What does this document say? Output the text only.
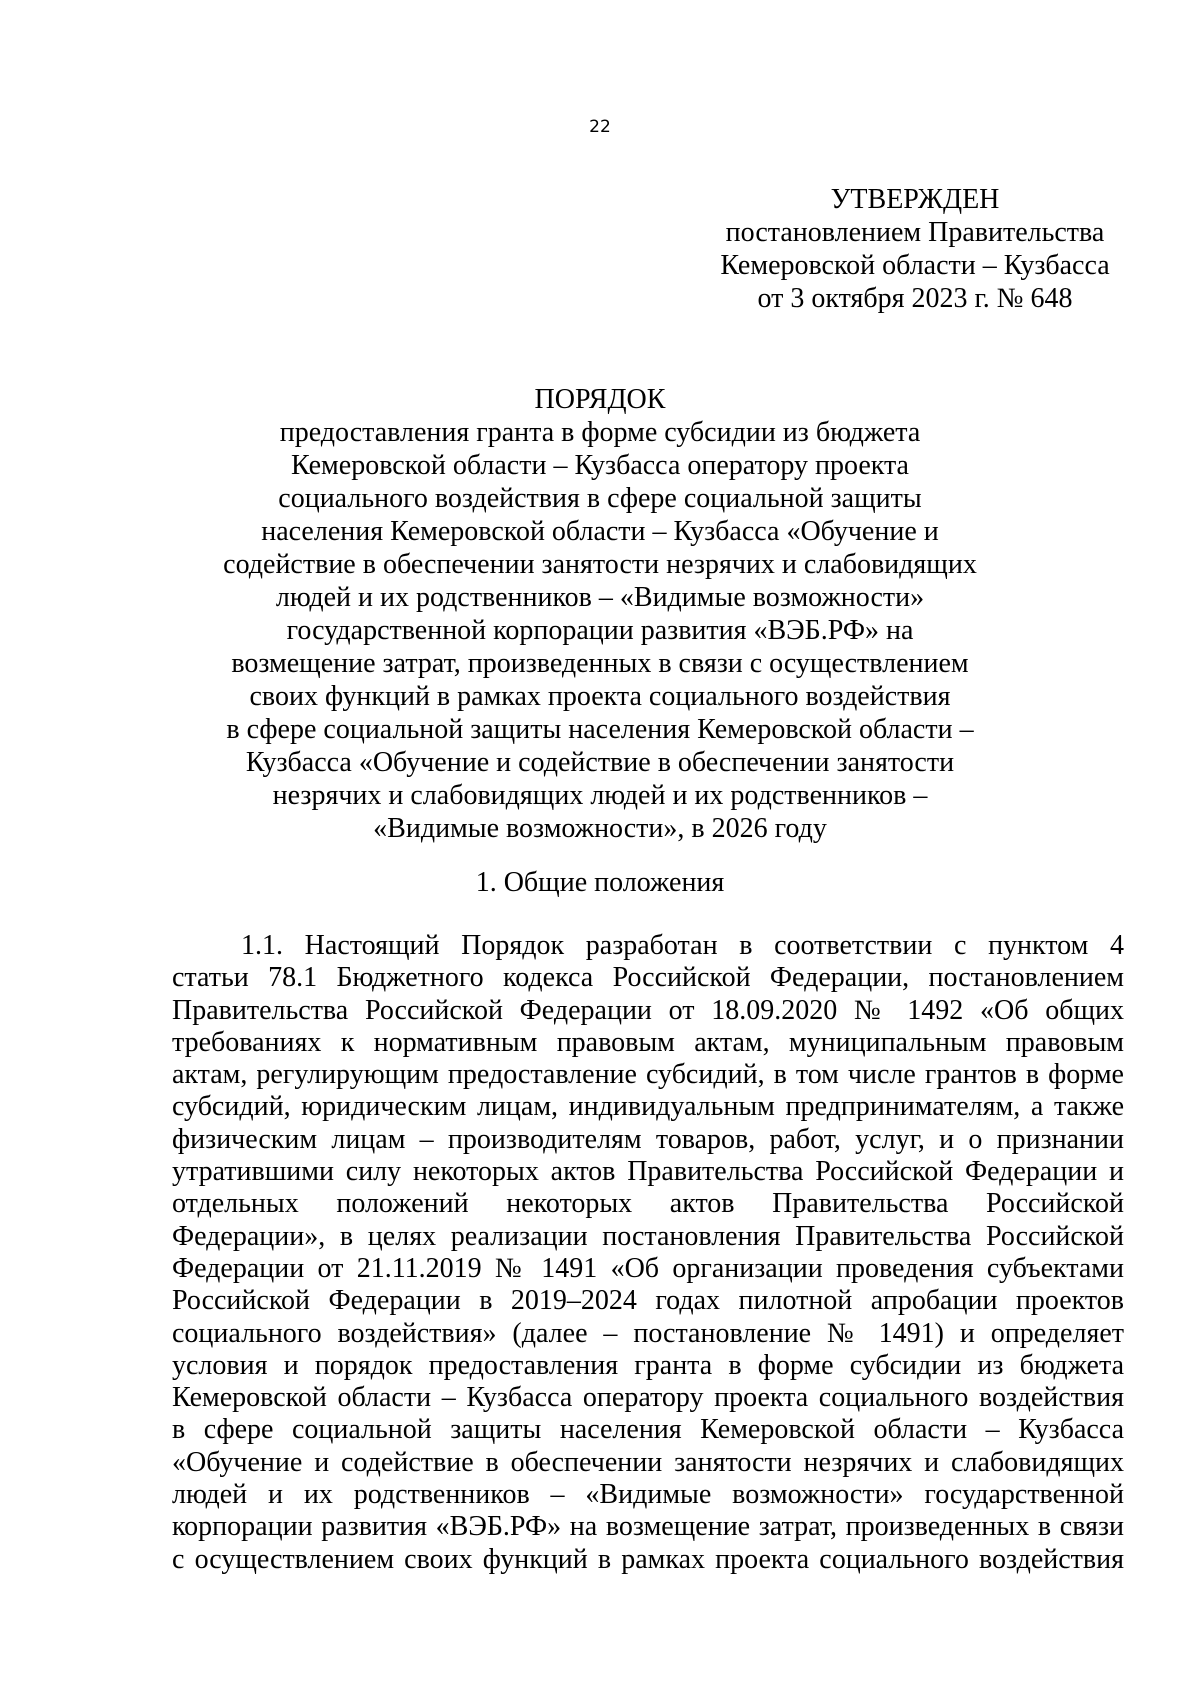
22
УТВЕРЖДЕН
постановлением Правительства
Кемеровской области – Кузбасса
от 3 октября 2023 г. № 648
ПОРЯДОК
предоставления гранта в форме субсидии из бюджета
Кемеровской области – Кузбасса оператору проекта
социального воздействия в сфере социальной защиты
населения Кемеровской области – Кузбасса «Обучение и
содействие в обеспечении занятости незрячих и слабовидящих
людей и их родственников – «Видимые возможности»
государственной корпорации развития «ВЭБ.РФ» на
возмещение затрат, произведенных в связи с осуществлением
своих функций в рамках проекта социального воздействия
в сфере социальной защиты населения Кемеровской области –
Кузбасса «Обучение и содействие в обеспечении занятости
незрячих и слабовидящих людей и их родственников –
«Видимые возможности», в 2026 году
1. Общие положения
1.1. Настоящий Порядок разработан в соответствии с пунктом 4
статьи 78.1 Бюджетного кодекса Российской Федерации, постановлением
Правительства Российской Федерации от 18.09.2020 № 1492 «Об общих
требованиях к нормативным правовым актам, муниципальным правовым
актам, регулирующим предоставление субсидий, в том числе грантов в форме
субсидий, юридическим лицам, индивидуальным предпринимателям, а также
физическим лицам – производителям товаров, работ, услуг, и о признании
утратившими силу некоторых актов Правительства Российской Федерации и
отдельных положений некоторых актов Правительства Российской
Федерации», в целях реализации постановления Правительства Российской
Федерации от 21.11.2019 № 1491 «Об организации проведения субъектами
Российской Федерации в 2019–2024 годах пилотной апробации проектов
социального воздействия» (далее – постановление № 1491) и определяет
условия и порядок предоставления гранта в форме субсидии из бюджета
Кемеровской области – Кузбасса оператору проекта социального воздействия
в сфере социальной защиты населения Кемеровской области – Кузбасса
«Обучение и содействие в обеспечении занятости незрячих и слабовидящих
людей и их родственников – «Видимые возможности» государственной
корпорации развития «ВЭБ.РФ» на возмещение затрат, произведенных в связи
с осуществлением своих функций в рамках проекта социального воздействия
